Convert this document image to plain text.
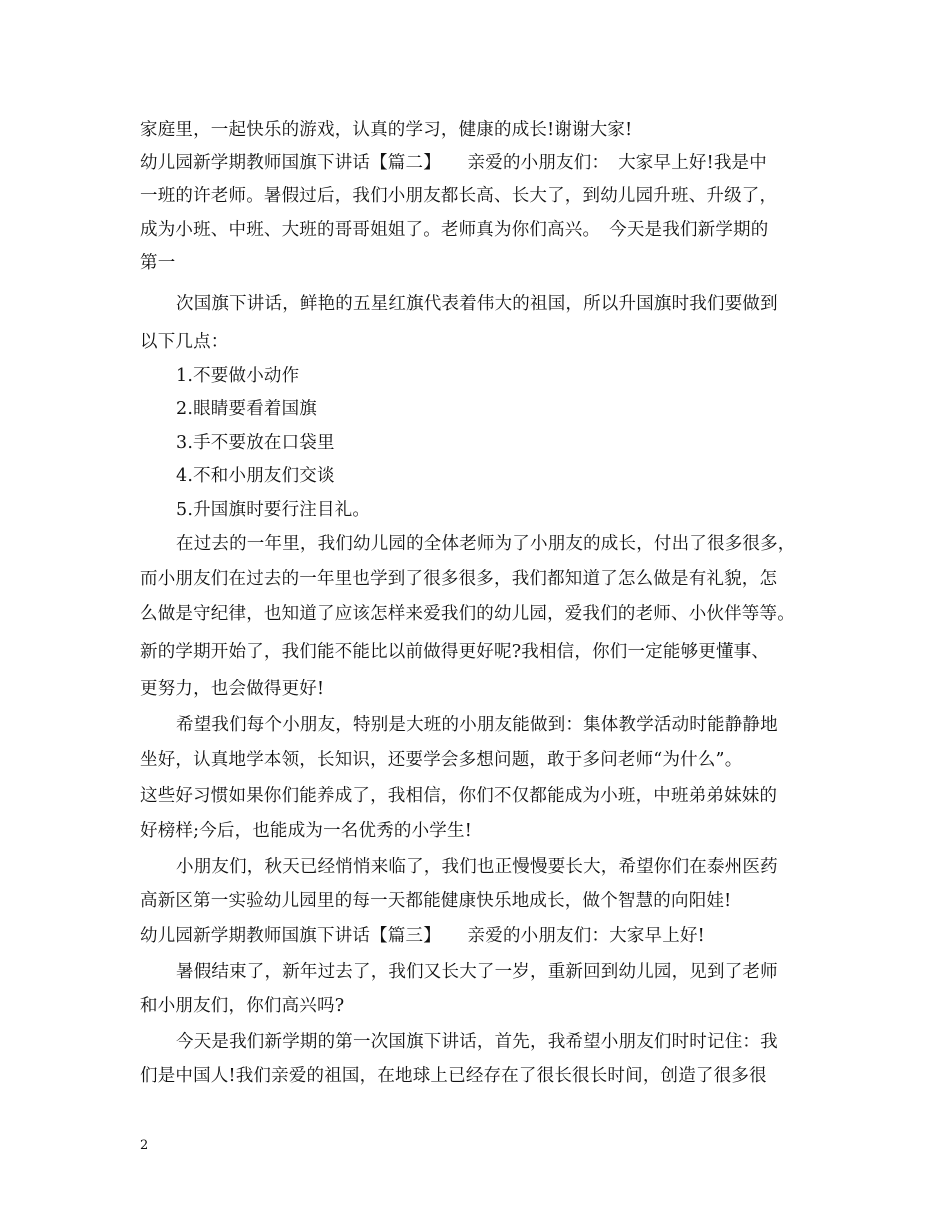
家庭里，一起快乐的游戏，认真的学习，健康的成长!谢谢大家!
幼儿园新学期教师国旗下讲话【篇二】　　亲爱的小朋友们：　大家早上好!我是中
一班的许老师。暑假过后，我们小朋友都长高、长大了，到幼儿园升班、升级了，
成为小班、中班、大班的哥哥姐姐了。老师真为你们高兴。　今天是我们新学期的
第一
次国旗下讲话，鲜艳的五星红旗代表着伟大的祖国，所以升国旗时我们要做到
以下几点：
1.不要做小动作
2.眼睛要看着国旗
3.手不要放在口袋里
4.不和小朋友们交谈
5.升国旗时要行注目礼。
在过去的一年里，我们幼儿园的全体老师为了小朋友的成长，付出了很多很多，
而小朋友们在过去的一年里也学到了很多很多，我们都知道了怎么做是有礼貌，怎
么做是守纪律，也知道了应该怎样来爱我们的幼儿园，爱我们的老师、小伙伴等等。
新的学期开始了，我们能不能比以前做得更好呢?我相信，你们一定能够更懂事、
更努力，也会做得更好!
希望我们每个小朋友，特别是大班的小朋友能做到：集体教学活动时能静静地
坐好，认真地学本领，长知识，还要学会多想问题，敢于多问老师“为什么”。
这些好习惯如果你们能养成了，我相信，你们不仅都能成为小班，中班弟弟妹妹的
好榜样;今后，也能成为一名优秀的小学生!
小朋友们，秋天已经悄悄来临了，我们也正慢慢要长大，希望你们在泰州医药
高新区第一实验幼儿园里的每一天都能健康快乐地成长，做个智慧的向阳娃!
幼儿园新学期教师国旗下讲话【篇三】　　亲爱的小朋友们：大家早上好!
暑假结束了，新年过去了，我们又长大了一岁，重新回到幼儿园，见到了老师
和小朋友们，你们高兴吗?
今天是我们新学期的第一次国旗下讲话，首先，我希望小朋友们时时记住：我
们是中国人!我们亲爱的祖国，在地球上已经存在了很长很长时间，创造了很多很
2
